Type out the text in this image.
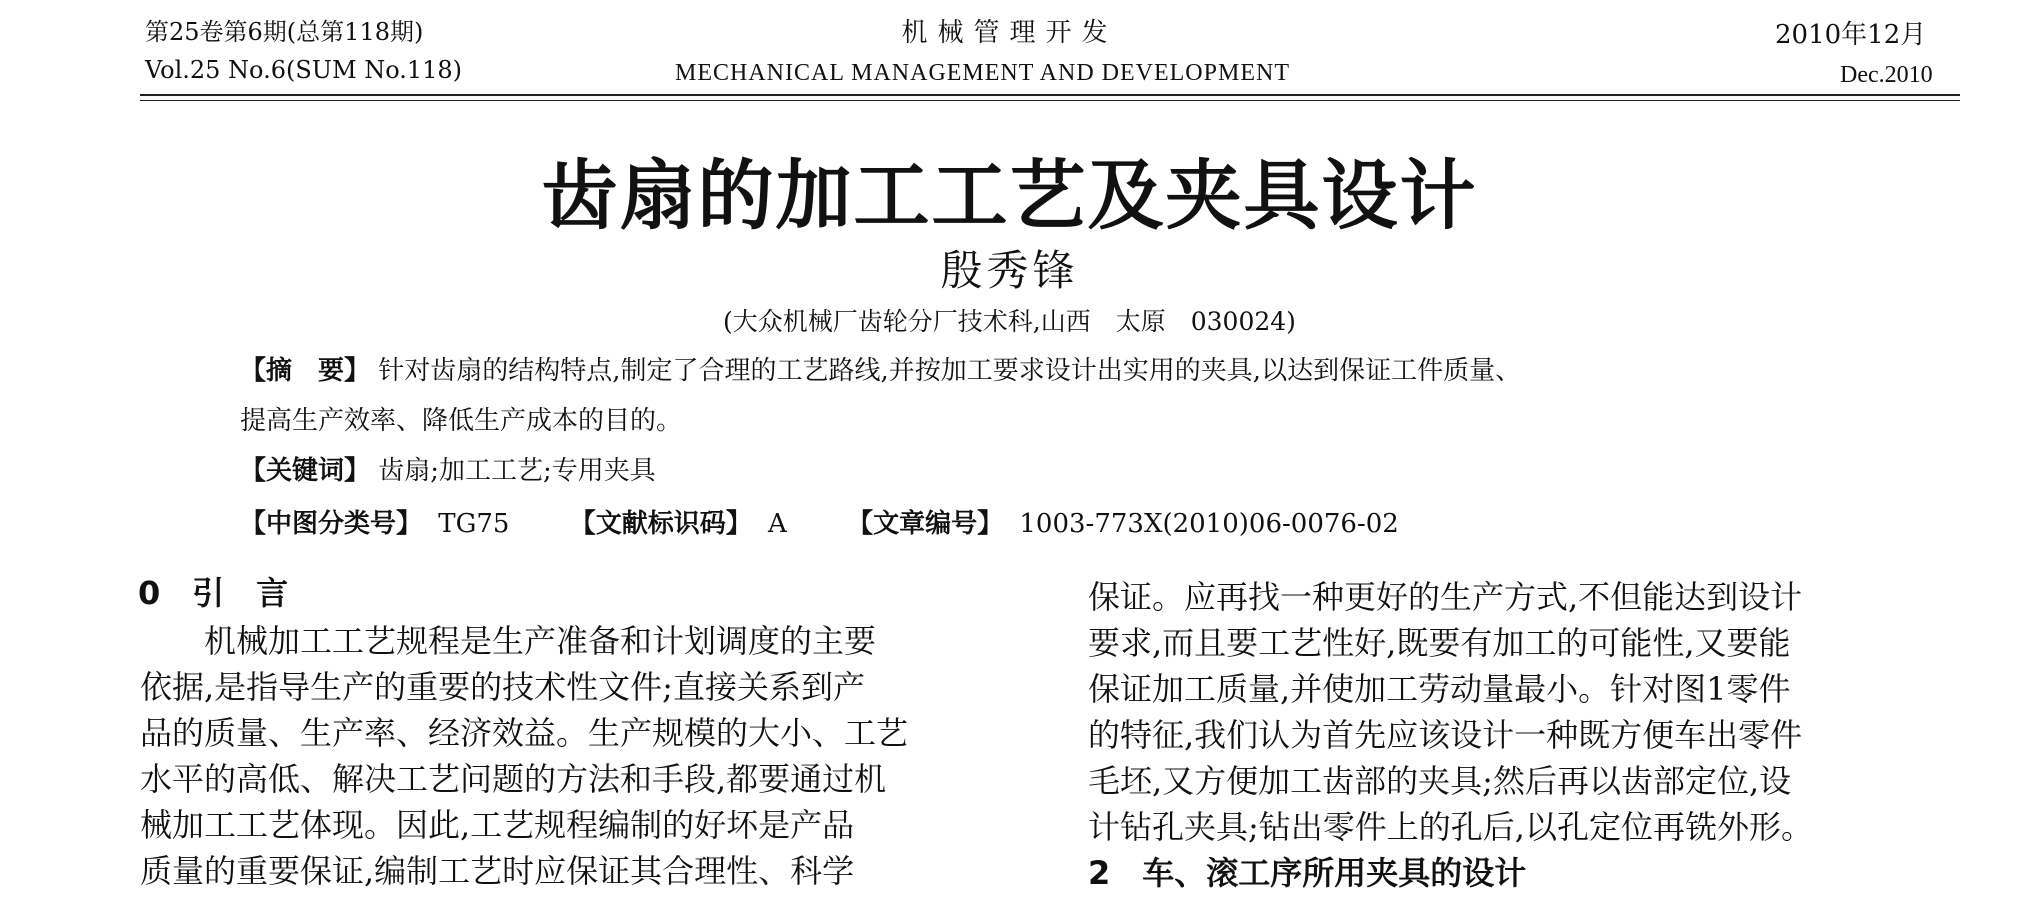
第25卷第6期(总第118期)
Vol.25 No.6(SUM No.118)
机械管理开发
MECHANICAL MANAGEMENT AND DEVELOPMENT
2010年12月
Dec.2010
齿扇的加工工艺及夹具设计
殷秀锋
(大众机械厂齿轮分厂技术科,山西　太原　030024)
【摘　要】 针对齿扇的结构特点,制定了合理的工艺路线,并按加工要求设计出实用的夹具,以达到保证工件质量、
提高生产效率、降低生产成本的目的。
【关键词】 齿扇;加工工艺;专用夹具
【中图分类号】 TG75 【文献标识码】 A 【文章编号】 1003-773X(2010)06-0076-02
0　引　言
　　机械加工工艺规程是生产准备和计划调度的主要
依据,是指导生产的重要的技术性文件;直接关系到产
品的质量、生产率、经济效益。生产规模的大小、工艺
水平的高低、解决工艺问题的方法和手段,都要通过机
械加工工艺体现。因此,工艺规程编制的好坏是产品
质量的重要保证,编制工艺时应保证其合理性、科学
保证。应再找一种更好的生产方式,不但能达到设计
要求,而且要工艺性好,既要有加工的可能性,又要能
保证加工质量,并使加工劳动量最小。针对图1零件
的特征,我们认为首先应该设计一种既方便车出零件
毛坯,又方便加工齿部的夹具;然后再以齿部定位,设
计钻孔夹具;钻出零件上的孔后,以孔定位再铣外形。
2　车、滚工序所用夹具的设计
